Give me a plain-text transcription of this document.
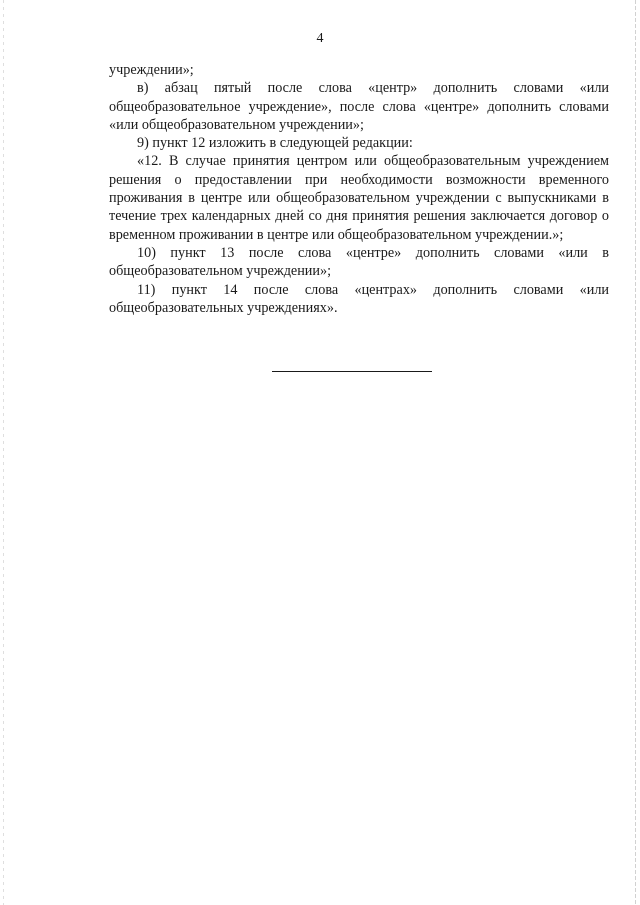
4

учреждении»;

в) абзац пятый после слова «центр» дополнить словами «или общеобразовательное учреждение», после слова «центре» дополнить словами «или общеобразовательном учреждении»;

9) пункт 12 изложить в следующей редакции:

«12. В случае принятия центром или общеобразовательным учреждением решения о предоставлении при необходимости возможности временного проживания в центре или общеобразовательном учреждении с выпускниками в течение трех календарных дней со дня принятия решения заключается договор о временном проживании в центре или общеобразовательном учреждении.»;

10) пункт 13 после слова «центре» дополнить словами «или в общеобразовательном учреждении»;

11) пункт 14 после слова «центрах» дополнить словами «или общеобразовательных учреждениях».
